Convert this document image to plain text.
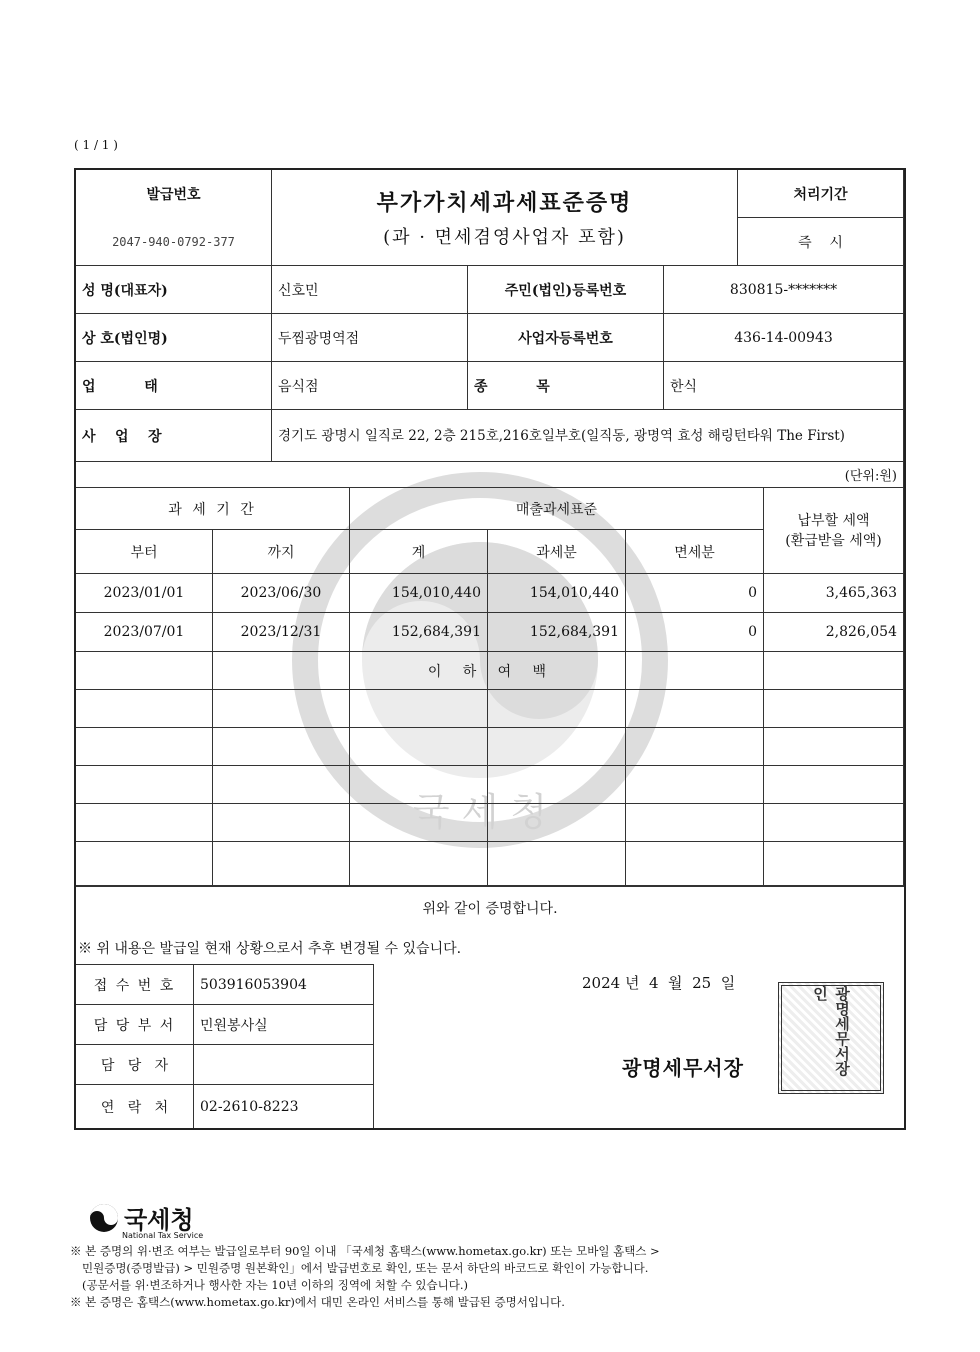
( 1 / 1 )
국 세 청
발급번호
2047-940-0792-377
부가가치세과세표준증명
(과 · 면세겸영사업자 포함)
처리기간
즉    시
성 명(대표자)	신호민	주민(법인)등록번호	830815-*******
상 호(법인명)	두찜광명역점	사업자등록번호	436-14-00943
업          태	음식점	종          목	한식
사    업    장	경기도 광명시 일직로 22, 2층 215호,216호일부호(일직동, 광명역 효성 해링턴타워 The First)
(단위:원)
과 세 기 간	매출과세표준
납부할 세액
(환급받을 세액)
부터	까지	계	과세분	면세분
2023/01/01	2023/06/30	154,010,440	154,010,440	0	3,465,363
2023/07/01	2023/12/31	152,684,391	152,684,391	0	2,826,054
이   하   여   백
위와 같이 증명합니다.
※ 위 내용은 발급일 현재 상황으로서 추후 변경될 수 있습니다.
접 수 번 호	503916053904
담 당 부 서	민원봉사실
담   당   자
연   락   처	02-2610-8223
2024 년  4  월  25  일
광명세무서장	광명세무서장인
국세청
National Tax Service
※ 본 증명의 위·변조 여부는 발급일로부터 90일 이내 「국세청 홈택스(www.hometax.go.kr) 또는 모바일 홈택스 >
민원증명(증명발급) > 민원증명 원본확인」에서 발급번호로 확인, 또는 문서 하단의 바코드로 확인이 가능합니다.
(공문서를 위·변조하거나 행사한 자는 10년 이하의 징역에 처할 수 있습니다.)
※ 본 증명은 홈택스(www.hometax.go.kr)에서 대민 온라인 서비스를 통해 발급된 증명서입니다.
